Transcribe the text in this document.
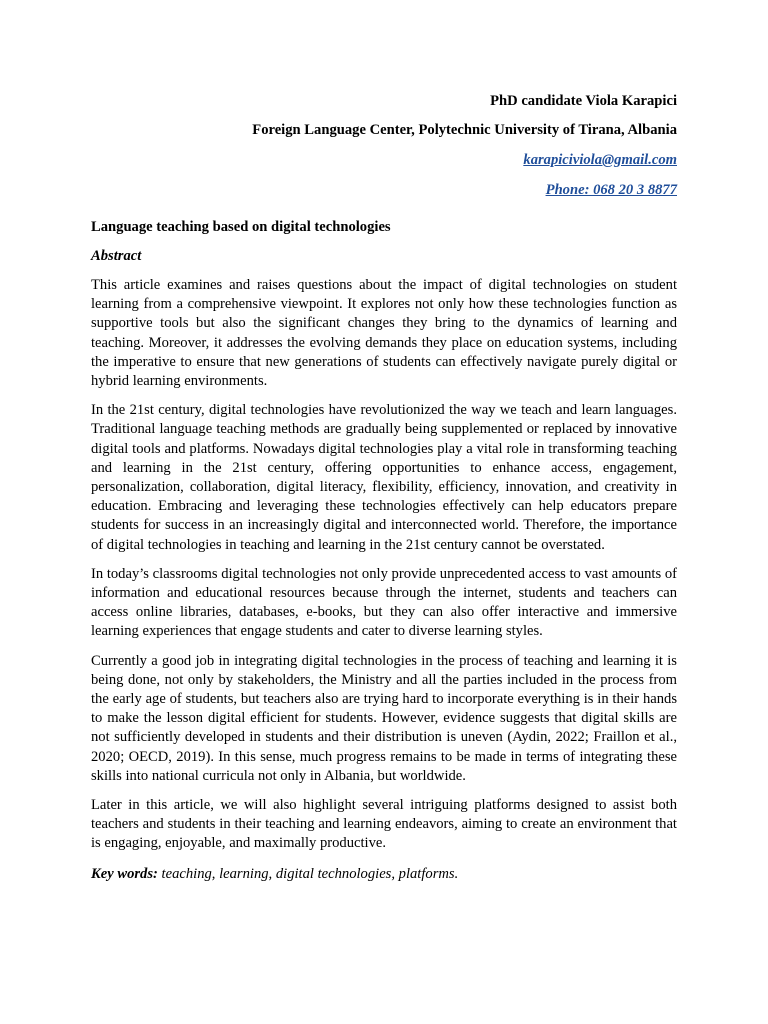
PhD candidate Viola Karapici

Foreign Language Center, Polytechnic University of Tirana, Albania

karapiciviola@gmail.com

Phone: 068 20 3 8877

Language teaching based on digital technologies

Abstract

This article examines and raises questions about the impact of digital technologies on student learning from a comprehensive viewpoint. It explores not only how these technologies function as supportive tools but also the significant changes they bring to the dynamics of learning and teaching. Moreover, it addresses the evolving demands they place on education systems, including the imperative to ensure that new generations of students can effectively navigate purely digital or hybrid learning environments.

In the 21st century, digital technologies have revolutionized the way we teach and learn languages. Traditional language teaching methods are gradually being supplemented or replaced by innovative digital tools and platforms. Nowadays digital technologies play a vital role in transforming teaching and learning in the 21st century, offering opportunities to enhance access, engagement, personalization, collaboration, digital literacy, flexibility, efficiency, innovation, and creativity in education. Embracing and leveraging these technologies effectively can help educators prepare students for success in an increasingly digital and interconnected world. Therefore, the importance of digital technologies in teaching and learning in the 21st century cannot be overstated.

In today’s classrooms digital technologies not only provide unprecedented access to vast amounts of information and educational resources because through the internet, students and teachers can access online libraries, databases, e-books, but they can also offer interactive and immersive learning experiences that engage students and cater to diverse learning styles.

Currently a good job in integrating digital technologies in the process of teaching and learning it is being done, not only by stakeholders, the Ministry and all the parties included in the process from the early age of students, but teachers also are trying hard to incorporate everything is in their hands to make the lesson digital efficient for students. However, evidence suggests that digital skills are not sufficiently developed in students and their distribution is uneven (Aydin, 2022; Fraillon et al., 2020; OECD, 2019). In this sense, much progress remains to be made in terms of integrating these skills into national curricula not only in Albania, but worldwide.

Later in this article, we will also highlight several intriguing platforms designed to assist both teachers and students in their teaching and learning endeavors, aiming to create an environment that is engaging, enjoyable, and maximally productive.

Key words: teaching, learning, digital technologies, platforms.
